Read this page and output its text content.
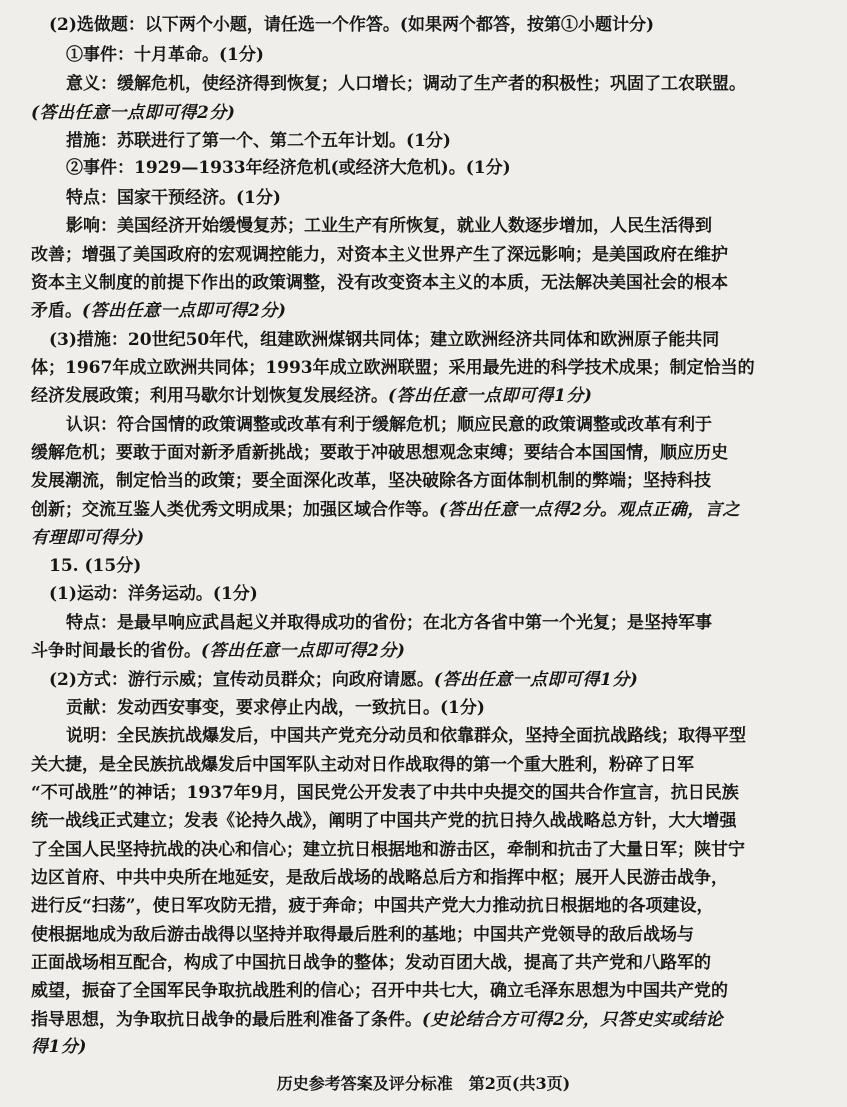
(2)选做题：以下两个小题，请任选一个作答。(如果两个都答，按第①小题计分)
①事件：十月革命。(1分)
意义：缓解危机，使经济得到恢复；人口增长；调动了生产者的积极性；巩固了工农联盟。
(答出任意一点即可得2分)
措施：苏联进行了第一个、第二个五年计划。(1分)
②事件：1929—1933年经济危机(或经济大危机)。(1分)
特点：国家干预经济。(1分)
影响：美国经济开始缓慢复苏；工业生产有所恢复，就业人数逐步增加，人民生活得到
改善；增强了美国政府的宏观调控能力，对资本主义世界产生了深远影响；是美国政府在维护
资本主义制度的前提下作出的政策调整，没有改变资本主义的本质，无法解决美国社会的根本
矛盾。(答出任意一点即可得2分)
(3)措施：20世纪50年代，组建欧洲煤钢共同体；建立欧洲经济共同体和欧洲原子能共同
体；1967年成立欧洲共同体；1993年成立欧洲联盟；采用最先进的科学技术成果；制定恰当的
经济发展政策；利用马歇尔计划恢复发展经济。(答出任意一点即可得1分)
认识：符合国情的政策调整或改革有利于缓解危机；顺应民意的政策调整或改革有利于
缓解危机；要敢于面对新矛盾新挑战；要敢于冲破思想观念束缚；要结合本国国情，顺应历史
发展潮流，制定恰当的政策；要全面深化改革，坚决破除各方面体制机制的弊端；坚持科技
创新；交流互鉴人类优秀文明成果；加强区域合作等。(答出任意一点得2分。观点正确，言之
有理即可得分)
15. (15分)
(1)运动：洋务运动。(1分)
特点：是最早响应武昌起义并取得成功的省份；在北方各省中第一个光复；是坚持军事
斗争时间最长的省份。(答出任意一点即可得2分)
(2)方式：游行示威；宣传动员群众；向政府请愿。(答出任意一点即可得1分)
贡献：发动西安事变，要求停止内战，一致抗日。(1分)
说明：全民族抗战爆发后，中国共产党充分动员和依靠群众，坚持全面抗战路线；取得平型
关大捷，是全民族抗战爆发后中国军队主动对日作战取得的第一个重大胜利，粉碎了日军
“不可战胜”的神话；1937年9月，国民党公开发表了中共中央提交的国共合作宣言，抗日民族
统一战线正式建立；发表《论持久战》，阐明了中国共产党的抗日持久战战略总方针，大大增强
了全国人民坚持抗战的决心和信心；建立抗日根据地和游击区，牵制和抗击了大量日军；陕甘宁
边区首府、中共中央所在地延安，是敌后战场的战略总后方和指挥中枢；展开人民游击战争，
进行反“扫荡”，使日军攻防无措，疲于奔命；中国共产党大力推动抗日根据地的各项建设，
使根据地成为敌后游击战得以坚持并取得最后胜利的基地；中国共产党领导的敌后战场与
正面战场相互配合，构成了中国抗日战争的整体；发动百团大战，提高了共产党和八路军的
威望，振奋了全国军民争取抗战胜利的信心；召开中共七大，确立毛泽东思想为中国共产党的
指导思想，为争取抗日战争的最后胜利准备了条件。(史论结合方可得2分，只答史实或结论
得1分)
历史参考答案及评分标准　第2页(共3页)
